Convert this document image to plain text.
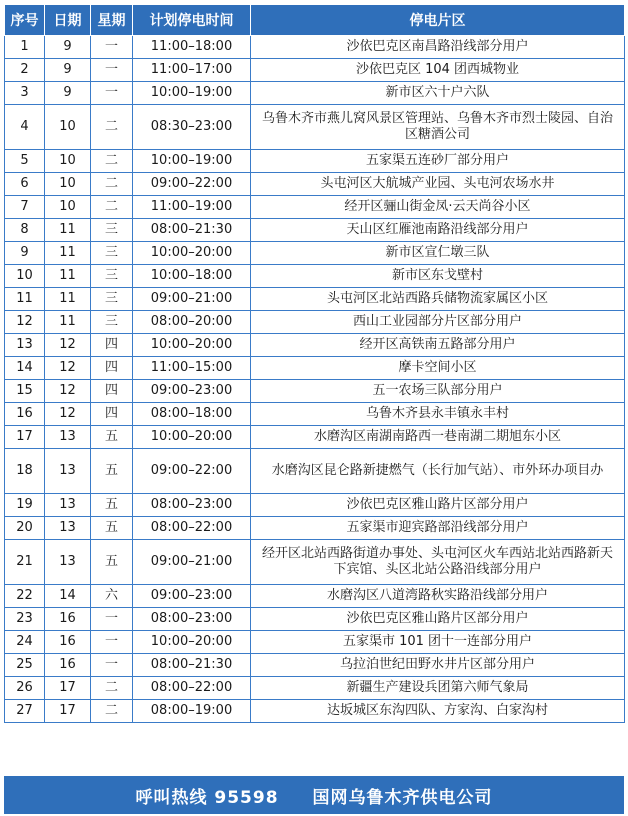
序号	日期	星期	计划停电时间	停电片区
1	9	一	11:00–18:00	沙依巴克区南昌路沿线部分用户
2	9	一	11:00–17:00	沙依巴克区 104 团西城物业
3	9	一	10:00–19:00	新市区六十户六队
4	10	二	08:30–23:00	乌鲁木齐市燕儿窝风景区管理站、乌鲁木齐市烈士陵园、自治区糖酒公司
5	10	二	10:00–19:00	五家渠五连砂厂部分用户
6	10	二	09:00–22:00	头屯河区大航城产业园、头屯河农场水井
7	10	二	11:00–19:00	经开区骊山街金凤·云天尚谷小区
8	11	三	08:00–21:30	天山区红雁池南路沿线部分用户
9	11	三	10:00–20:00	新市区宣仁墩三队
10	11	三	10:00–18:00	新市区东戈壁村
11	11	三	09:00–21:00	头屯河区北站西路兵储物流家属区小区
12	11	三	08:00–20:00	西山工业园部分片区部分用户
13	12	四	10:00–20:00	经开区高铁南五路部分用户
14	12	四	11:00–15:00	摩卡空间小区
15	12	四	09:00–23:00	五一农场三队部分用户
16	12	四	08:00–18:00	乌鲁木齐县永丰镇永丰村
17	13	五	10:00–20:00	水磨沟区南湖南路西一巷南湖二期旭东小区
18	13	五	09:00–22:00	水磨沟区昆仑路新捷燃气（长行加气站）、市外环办项目办
19	13	五	08:00–23:00	沙依巴克区雅山路片区部分用户
20	13	五	08:00–22:00	五家渠市迎宾路部沿线部分用户
21	13	五	09:00–21:00	经开区北站西路街道办事处、头屯河区火车西站北站西路新天下宾馆、头区北站公路沿线部分用户
22	14	六	09:00–23:00	水磨沟区八道湾路秋实路沿线部分用户
23	16	一	08:00–23:00	沙依巴克区雅山路片区部分用户
24	16	一	10:00–20:00	五家渠市 101 团十一连部分用户
25	16	一	08:00–21:30	乌拉泊世纪田野水井片区部分用户
26	17	二	08:00–22:00	新疆生产建设兵团第六师气象局
27	17	二	08:00–19:00	达坂城区东沟四队、方家沟、白家沟村
呼叫热线 95598 国网乌鲁木齐供电公司
